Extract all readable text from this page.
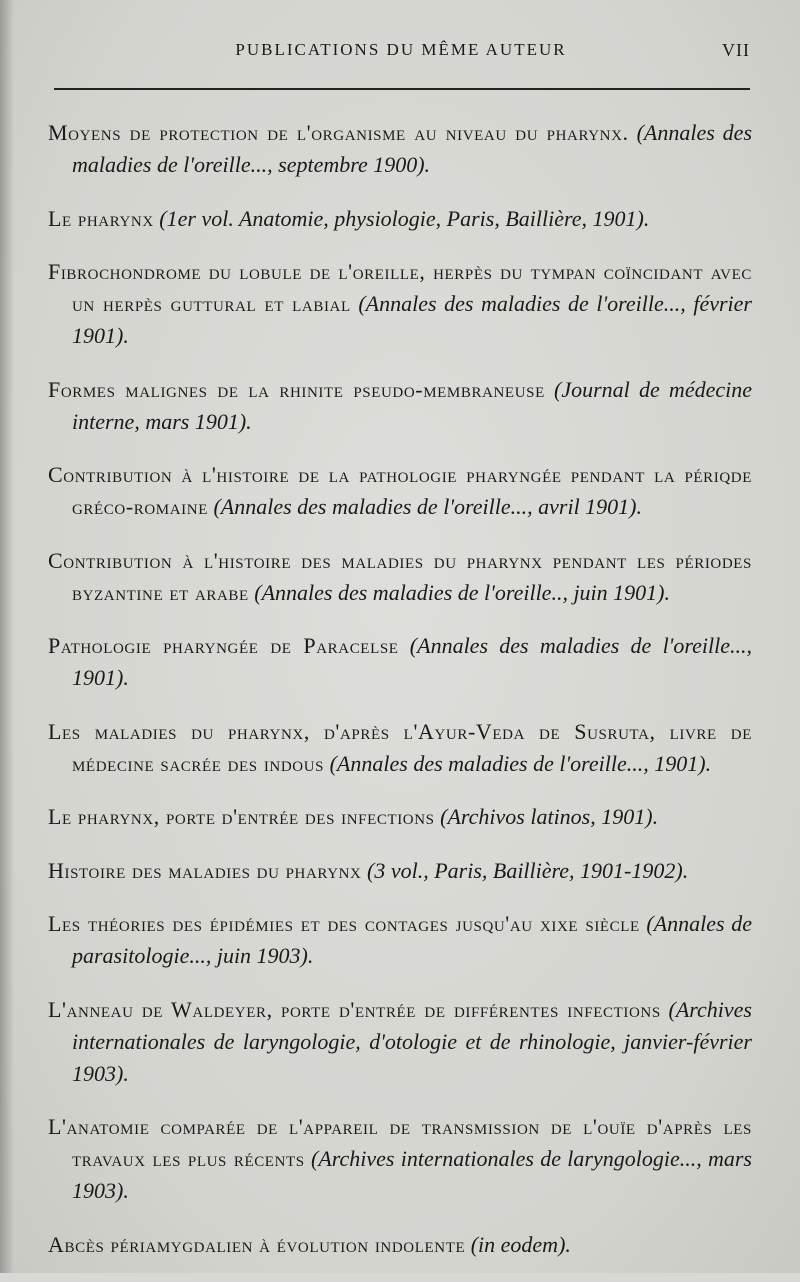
PUBLICATIONS DU MÊME AUTEUR	VII

Moyens de protection de l'organisme au niveau du pharynx. (Annales des maladies de l'oreille..., septembre 1900).

Le pharynx (1er vol. Anatomie, physiologie, Paris, Baillière, 1901).

Fibrochondrome du lobule de l'oreille, herpès du tympan coïncidant avec un herpès guttural et labial (Annales des maladies de l'oreille..., février 1901).

Formes malignes de la rhinite pseudo-membraneuse (Journal de médecine interne, mars 1901).

Contribution à l'histoire de la pathologie pharyngée pendant la périqde gréco-romaine (Annales des maladies de l'oreille..., avril 1901).

Contribution à l'histoire des maladies du pharynx pendant les périodes byzantine et arabe (Annales des maladies de l'oreille.., juin 1901).

Pathologie pharyngée de Paracelse (Annales des maladies de l'oreille..., 1901).

Les maladies du pharynx, d'après l'Ayur-Veda de Susruta, livre de médecine sacrée des indous (Annales des maladies de l'oreille..., 1901).

Le pharynx, porte d'entrée des infections (Archivos latinos, 1901).

Histoire des maladies du pharynx (3 vol., Paris, Baillière, 1901-1902).

Les théories des épidémies et des contages jusqu'au xixe siècle (Annales de parasitologie..., juin 1903).

L'anneau de Waldeyer, porte d'entrée de différentes infections (Archives internationales de laryngologie, d'otologie et de rhinologie, janvier-février 1903).

L'anatomie comparée de l'appareil de transmission de l'ouïe d'après les travaux les plus récents (Archives internationales de laryngologie..., mars 1903).

Abcès périamygdalien à évolution indolente (in eodem).
